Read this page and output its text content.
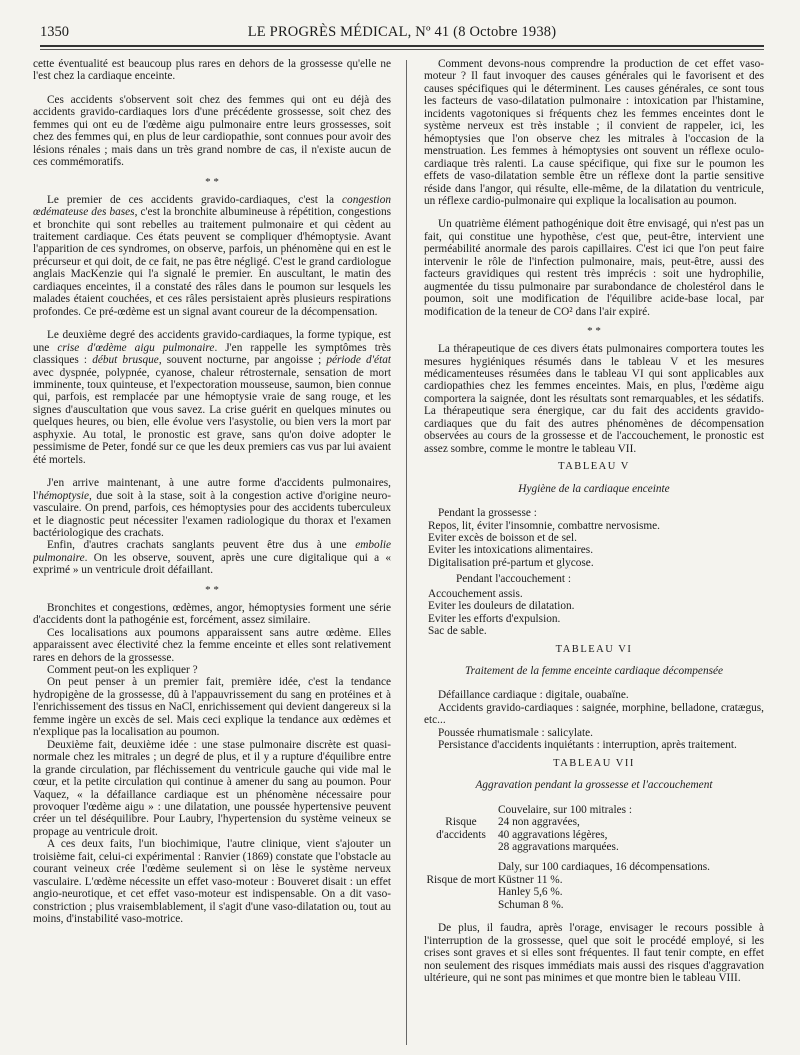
1350	LE PROGRÈS MÉDICAL, Nº 41 (8 Octobre 1938)

cette éventualité est beaucoup plus rares en dehors de la grossesse qu'elle ne l'est chez la cardiaque enceinte.

Ces accidents s'observent soit chez des femmes qui ont eu déjà des accidents gravido-cardiaques lors d'une précédente grossesse, soit chez des femmes qui ont eu de l'œdème aigu pulmonaire entre leurs grossesses, soit chez des femmes qui, en plus de leur cardiopathie, sont connues pour avoir des lésions rénales ; mais dans un très grand nombre de cas, il n'existe aucun de ces commémoratifs.

* *

Le premier de ces accidents gravido-cardiaques, c'est la congestion œdémateuse des bases, c'est la bronchite albumineuse à répétition, congestions et bronchite qui sont rebelles au traitement pulmonaire et qui cèdent au traitement cardiaque. Ces états peuvent se compliquer d'hémoptysie. Avant l'apparition de ces syndromes, on observe, parfois, un phénomène qui en est le précurseur et qui doit, de ce fait, ne pas être négligé. C'est le grand cardiologue anglais MacKenzie qui l'a signalé le premier. En auscultant, le matin des cardiaques enceintes, il a constaté des râles dans le poumon sur lesquels les malades étaient couchées, et ces râles persistaient après plusieurs respirations profondes. Ce pré-œdème est un signal avant coureur de la décompensation.

Le deuxième degré des accidents gravido-cardiaques, la forme typique, est une crise d'œdème aigu pulmonaire. J'en rappelle les symptômes très classiques : début brusque, souvent nocturne, par angoisse ; période d'état avec dyspnée, polypnée, cyanose, chaleur rétrosternale, sensation de mort imminente, toux quinteuse, et l'expectoration mousseuse, saumon, bien connue qui, parfois, est remplacée par une hémoptysie vraie de sang rouge, et les signes d'auscultation que vous savez. La crise guérit en quelques minutes ou quelques heures, ou bien, elle évolue vers l'asystolie, ou bien vers la mort par asphyxie. Au total, le pronostic est grave, sans qu'on doive adopter le pessimisme de Peter, fondé sur ce que les deux premiers cas vus par lui avaient été mortels.

J'en arrive maintenant, à une autre forme d'accidents pulmonaires, l'hémoptysie, due soit à la stase, soit à la congestion active d'origine neuro-vasculaire. On prend, parfois, ces hémoptysies pour des accidents tuberculeux et le diagnostic peut nécessiter l'examen radiologique du thorax et l'examen bactériologique des crachats.

Enfin, d'autres crachats sanglants peuvent être dus à une embolie pulmonaire. On les observe, souvent, après une cure digitalique qui a « exprimé » un ventricule droit défaillant.

* *

Bronchites et congestions, œdèmes, angor, hémoptysies forment une série d'accidents dont la pathogénie est, forcément, assez similaire.

Ces localisations aux poumons apparaissent sans autre œdème. Elles apparaissent avec électivité chez la femme enceinte et elles sont relativement rares en dehors de la grossesse.

Comment peut-on les expliquer ?

On peut penser à un premier fait, première idée, c'est la tendance hydropigène de la grossesse, dû à l'appauvrissement du sang en protéines et à l'enrichissement des tissus en NaCl, enrichissement qui devient dangereux si la femme ingère un excès de sel. Mais ceci explique la tendance aux œdèmes et n'explique pas la localisation au poumon.

Deuxième fait, deuxième idée : une stase pulmonaire discrète est quasi-normale chez les mitrales ; un degré de plus, et il y a rupture d'équilibre entre la grande circulation, par fléchissement du ventricule gauche qui vide mal le cœur, et la petite circulation qui continue à amener du sang au poumon. Pour Vaquez, « la défaillance cardiaque est un phénomène nécessaire pour provoquer l'œdème aigu » : une dilatation, une poussée hypertensive peuvent créer un tel déséquilibre. Pour Laubry, l'hypertension du système veineux se propage au ventricule droit.

A ces deux faits, l'un biochimique, l'autre clinique, vient s'ajouter un troisième fait, celui-ci expérimental : Ranvier (1869) constate que l'obstacle au courant veineux crée l'œdème seulement si on lèse le système nerveux vasculaire. L'œdème nécessite un effet vaso-moteur : Bouveret disait : un effet angio-neurotique, et cet effet vaso-moteur est indispensable. On a dit vaso-constriction ; plus vraisemblablement, il s'agit d'une vaso-dilatation ou, tout au moins, d'instabilité vaso-motrice.

Comment devons-nous comprendre la production de cet effet vaso-moteur ? Il faut invoquer des causes générales qui le favorisent et des causes spécifiques qui le déterminent. Les causes générales, ce sont tous les facteurs de vaso-dilatation pulmonaire : intoxication par l'histamine, incidents vagotoniques si fréquents chez les femmes enceintes dont le système nerveux est très instable ; il convient de rappeler, ici, les hémoptysies que l'on observe chez les mitrales à l'occasion de la menstruation. Les femmes à hémoptysies ont souvent un réflexe oculo-cardiaque très ralenti. La cause spécifique, qui fixe sur le poumon les effets de vaso-dilatation semble être un réflexe dont la partie sensitive réside dans l'angor, qui résulte, elle-même, de la dilatation du ventricule, un réflexe cardio-pulmonaire qui explique la localisation au poumon.

Un quatrième élément pathogénique doit être envisagé, qui n'est pas un fait, qui constitue une hypothèse, c'est que, peut-être, intervient une perméabilité anormale des parois capillaires. C'est ici que l'on peut faire intervenir le rôle de l'infection pulmonaire, mais, peut-être, aussi des facteurs gravidiques qui restent très imprécis : soit une hydrophilie, augmentée du tissu pulmonaire par surabondance de cholestérol dans le poumon, soit une modification de l'équilibre acide-base local, par modification de la teneur de CO² dans l'air expiré.

* *

La thérapeutique de ces divers états pulmonaires comportera toutes les mesures hygiéniques résumés dans le tableau V et les mesures médicamenteuses résumées dans le tableau VI qui sont applicables aux cardiopathies chez les femmes enceintes. Mais, en plus, l'œdème aigu comportera la saignée, dont les résultats sont remarquables, et les sédatifs. La thérapeutique sera énergique, car du fait des accidents gravido-cardiaques que du fait des autres phénomènes de décompensation observées au cours de la grossesse et de l'accouchement, le pronostic est assez sombre, comme le montre le tableau VII.

TABLEAU V
Hygiène de la cardiaque enceinte

Pendant la grossesse :

Repos, lit, éviter l'insomnie, combattre nervosisme.

Eviter excès de boisson et de sel.

Eviter les intoxications alimentaires.

Digitalisation pré-partum et glycose.

Pendant l'accouchement :

Accouchement assis.

Eviter les douleurs de dilatation.

Eviter les efforts d'expulsion.

Sac de sable.

TABLEAU VI
Traitement de la femme enceinte cardiaque décompensée

Défaillance cardiaque : digitale, ouabaïne.

Accidents gravido-cardiaques : saignée, morphine, belladone, cratægus, etc...

Poussée rhumatismale : salicylate.

Persistance d'accidents inquiétants : interruption, après traitement.

TABLEAU VII
Aggravation pendant la grossesse et l'accouchement
Couvelaire, sur 100 mitrales :
Risque d'accidents
24 non aggravées,
40 aggravations légères,
28 aggravations marquées.
Daly, sur 100 cardiaques, 16 décompensations.
Risque de mort Küstner 11 %.
Hanley 5,6 %.
Schuman 8 %.

De plus, il faudra, après l'orage, envisager le recours possible à l'interruption de la grossesse, quel que soit le procédé employé, si les crises sont graves et si elles sont fréquentes. Il faut tenir compte, en effet non seulement des risques immédiats mais aussi des risques d'aggravation ultérieure, qui ne sont pas minimes et que montre bien le tableau VIII.
